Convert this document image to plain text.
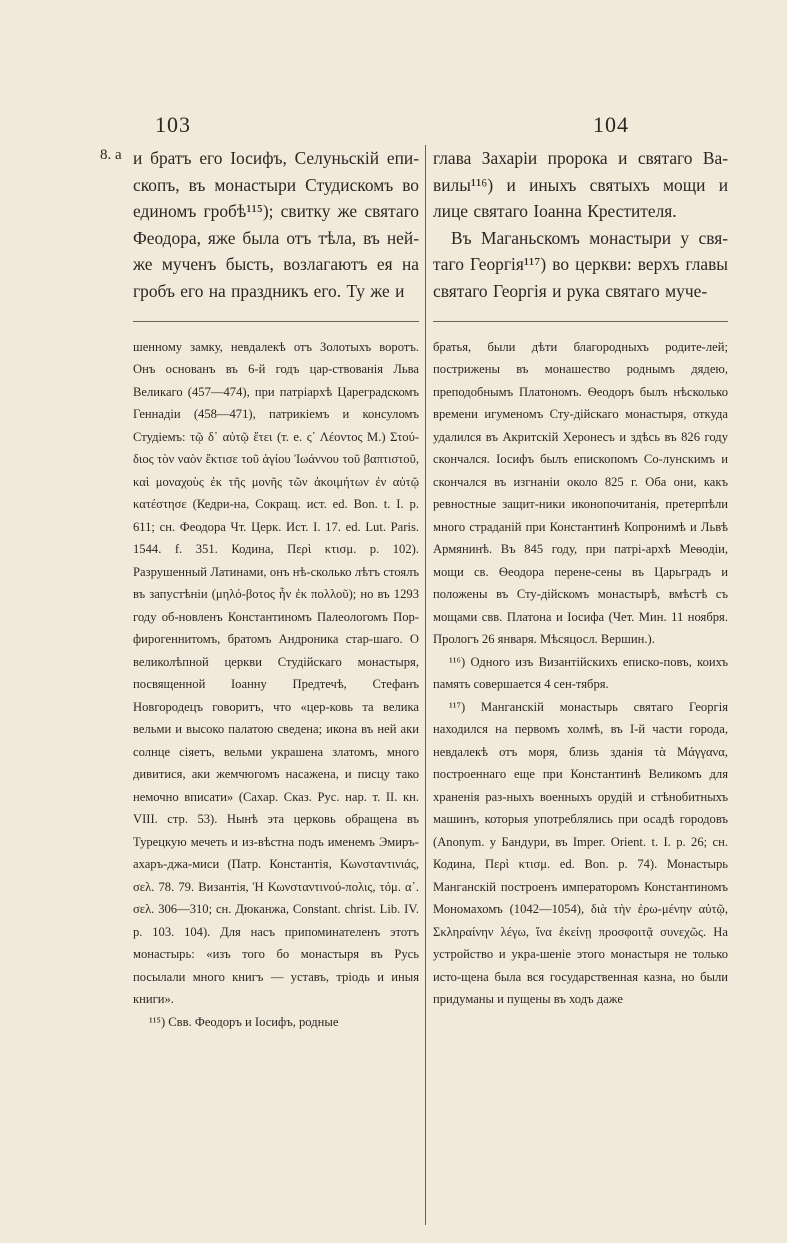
103	104
8. а и братъ его Іосифъ, Селуньскій епи-скопъ, въ монастыри Студискомъ во единомъ гробѣ¹¹⁵); свитку же святаго Феодора, яже была отъ тѣла, въ ней-же мученъ бысть, возлагаютъ ея на гробъ его на праздникъ его. Ту же и

шенному замку, невдалекѣ отъ Золотыхъ воротъ. Онъ основанъ въ 6-й годъ цар-ствованія Льва Великаго (457—474), при патріархѣ Цареградскомъ Геннадіи (458—471), патрикіемъ и консуломъ Студіемъ: τῷ δ᾽ αὐτῷ ἔτει (т. е. ς᾽ Λέοντος М.) Στού-διος τὸν ναὸν ἔκτισε τοῦ ἁγίου Ἰωάννου τοῦ βαπτιστοῦ, καὶ μοναχοὺς ἐκ τῆς μονῆς τῶν ἀκοιμήτων ἐν αὐτῷ κατέστησε (Кедри-на, Сокращ. ист. ed. Bon. t. I. p. 611; сн. Феодора Чт. Церк. Ист. I. 17. ed. Lut. Paris. 1544. f. 351. Кодина, Περὶ κτισμ. p. 102). Разрушенный Латинами, онъ нѣ-сколько лѣтъ стоялъ въ запустѣніи (μηλό-βοτος ἦν ἐκ πολλοῦ); но въ 1293 году об-новленъ Константиномъ Палеологомъ Пор-фирогеннитомъ, братомъ Андроника стар-шаго. О великолѣпной церкви Студійскаго монастыря, посвященной Іоанну Предтечѣ, Стефанъ Новгородецъ говоритъ, что «цер-ковь та велика вельми и высоко палатою сведена; икона въ ней аки солнце сіяетъ, вельми украшена златомъ, много дивитися, аки жемчюгомъ насажена, и писцу тако немочно вписати» (Сахар. Сказ. Рус. нар. т. II. кн. VIII. стр. 53). Нынѣ эта церковь обращена въ Турецкую мечеть и из-вѣстна подъ именемъ Эмиръ-ахаръ-джа-миси (Патр. Константія, Κωνσταντινιάς, σελ. 78. 79. Византія, Ἡ Κωνσταντινού-πολις, τόμ. α᾽. σελ. 306—310; сн. Дюканжа, Constant. christ. Lib. IV. p. 103. 104). Для насъ припоминателенъ этотъ монастырь: «изъ того бо монастыря въ Русь посылали много книгъ — уставъ, тріодь и иныя книги».

¹¹⁵) Свв. Феодоръ и Іосифъ, родные

глава Захаріи пророка и святаго Ва-вилы¹¹⁶) и иныхъ святыхъ мощи и лице святаго Іоанна Крестителя.

Въ Маганьскомъ монастыри у свя-таго Георгія¹¹⁷) во церкви: верхъ главы святаго Георгія и рука святаго муче-

братья, были дѣти благородныхъ родите-лей; пострижены въ монашество роднымъ дядею, преподобнымъ Платономъ. Ѳеодоръ былъ нѣсколько времени игуменомъ Сту-дійскаго монастыря, откуда удалился въ Акритскій Херонесъ и здѣсь въ 826 году скончался. Іосифъ былъ епископомъ Со-лунскимъ и скончался въ изгнаніи около 825 г. Оба они, какъ ревностные защит-ники иконопочитанія, претерпѣли много страданій при Константинѣ Копронимѣ и Львѣ Армянинѣ. Въ 845 году, при патрі-архѣ Меѳодіи, мощи св. Ѳеодора перене-сены въ Царьградъ и положены въ Сту-дійскомъ монастырѣ, вмѣстѣ съ мощами свв. Платона и Іосифа (Чет. Мин. 11 ноября. Прологъ 26 января. Мѣсяцосл. Вершин.).

¹¹⁶) Одного изъ Византійскихъ еписко-повъ, коихъ память совершается 4 сен-тября.

¹¹⁷) Манганскій монастырь святаго Георгія находился на первомъ холмѣ, въ I-й части города, невдалекѣ отъ моря, близь зданія τὰ Μάγγανα, построеннаго еще при Константинѣ Великомъ для храненія раз-ныхъ военныхъ орудій и стѣнобитныхъ машинъ, которыя употреблялись при осадѣ городовъ (Anonym. у Бандури, въ Imper. Orient. t. I. p. 26; сн. Кодина, Περὶ κτισμ. ed. Bon. p. 74). Монастырь Манганскій построенъ императоромъ Константиномъ Мономахомъ (1042—1054), διὰ τὴν ἐρω-μένην αὐτῷ, Σκληραίνην λέγω, ἵνα ἐκείνῃ προσφοιτᾷ συνεχῶς. На устройство и укра-шеніе этого монастыря не только исто-щена была вся государственная казна, но были придуманы и пущены въ ходъ даже
